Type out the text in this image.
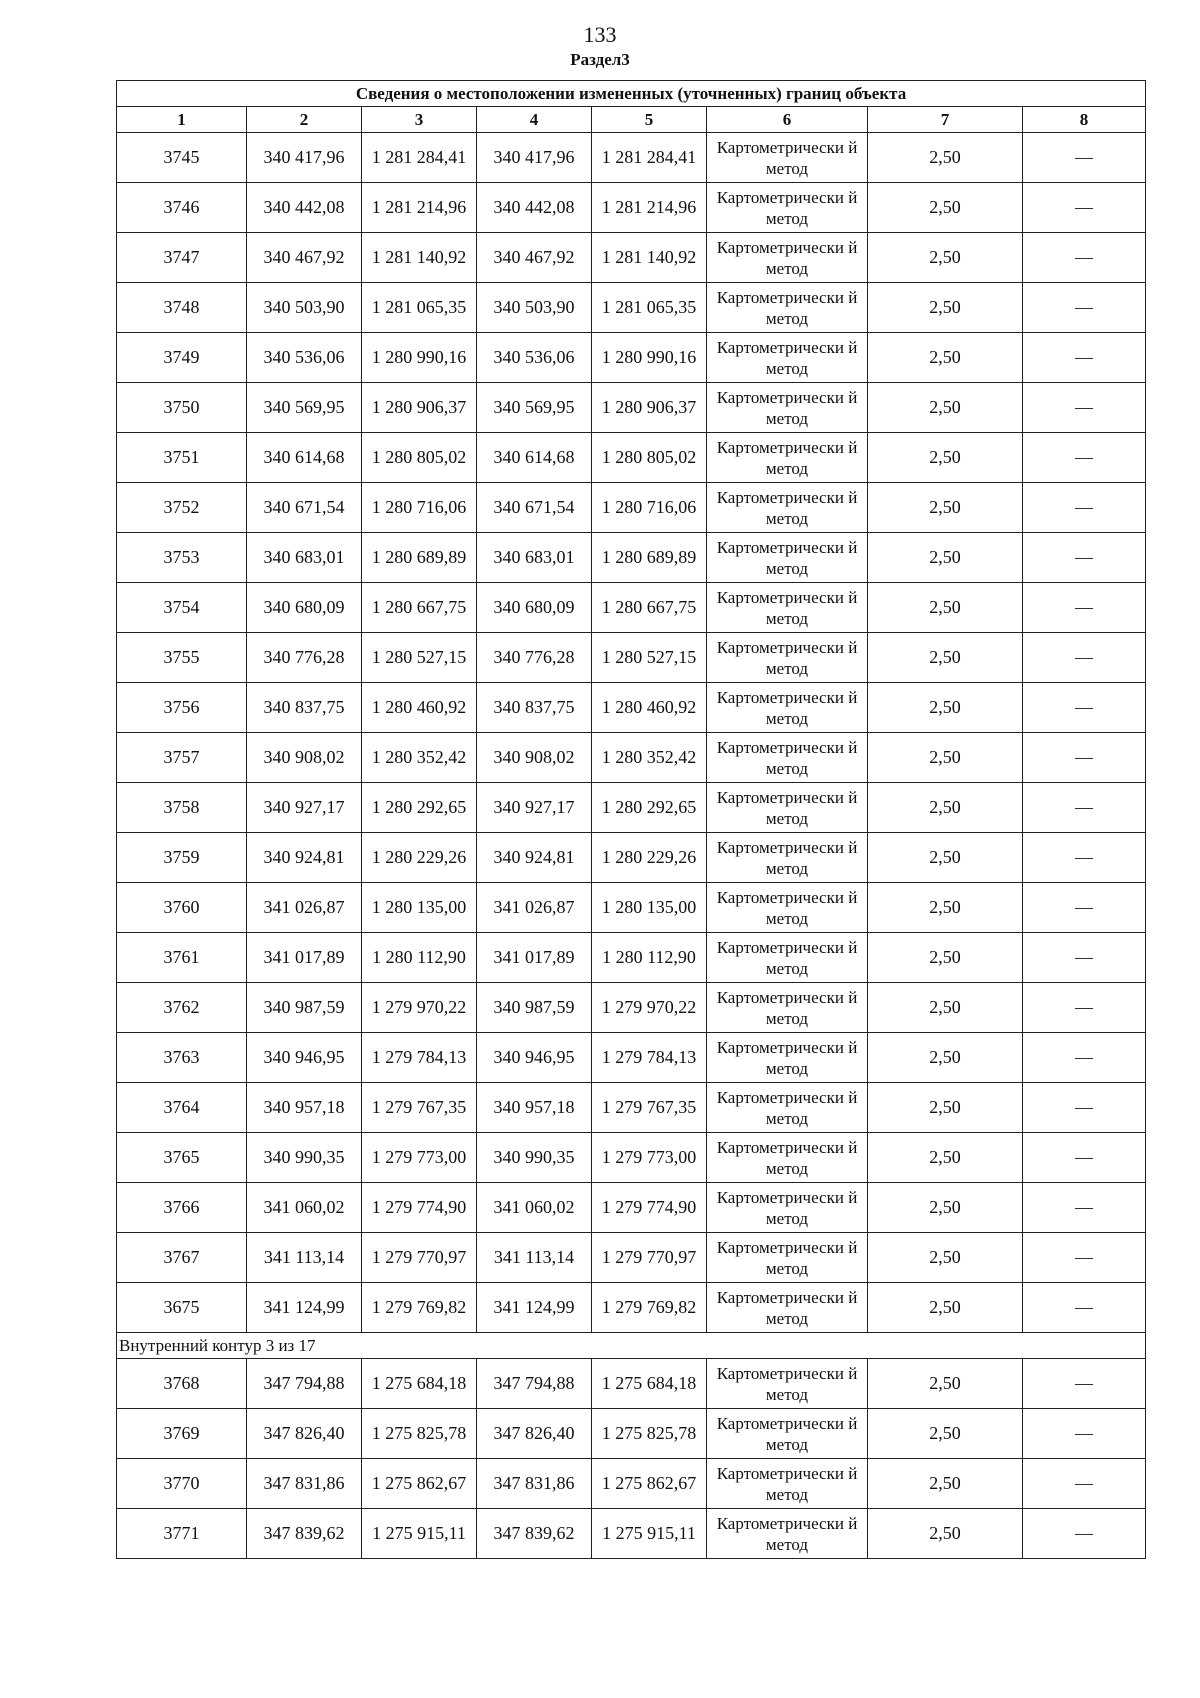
133
Раздел3
Сведения о местоположении измененных (уточненных) границ объекта							
1	2	3	4	5	6	7	8
3745	340 417,96	1 281 284,41	340 417,96	1 281 284,41	Картометрически й метод	2,50	—
3746	340 442,08	1 281 214,96	340 442,08	1 281 214,96	Картометрически й метод	2,50	—
3747	340 467,92	1 281 140,92	340 467,92	1 281 140,92	Картометрически й метод	2,50	—
3748	340 503,90	1 281 065,35	340 503,90	1 281 065,35	Картометрически й метод	2,50	—
3749	340 536,06	1 280 990,16	340 536,06	1 280 990,16	Картометрически й метод	2,50	—
3750	340 569,95	1 280 906,37	340 569,95	1 280 906,37	Картометрически й метод	2,50	—
3751	340 614,68	1 280 805,02	340 614,68	1 280 805,02	Картометрически й метод	2,50	—
3752	340 671,54	1 280 716,06	340 671,54	1 280 716,06	Картометрически й метод	2,50	—
3753	340 683,01	1 280 689,89	340 683,01	1 280 689,89	Картометрически й метод	2,50	—
3754	340 680,09	1 280 667,75	340 680,09	1 280 667,75	Картометрически й метод	2,50	—
3755	340 776,28	1 280 527,15	340 776,28	1 280 527,15	Картометрически й метод	2,50	—
3756	340 837,75	1 280 460,92	340 837,75	1 280 460,92	Картометрически й метод	2,50	—
3757	340 908,02	1 280 352,42	340 908,02	1 280 352,42	Картометрически й метод	2,50	—
3758	340 927,17	1 280 292,65	340 927,17	1 280 292,65	Картометрически й метод	2,50	—
3759	340 924,81	1 280 229,26	340 924,81	1 280 229,26	Картометрически й метод	2,50	—
3760	341 026,87	1 280 135,00	341 026,87	1 280 135,00	Картометрически й метод	2,50	—
3761	341 017,89	1 280 112,90	341 017,89	1 280 112,90	Картометрически й метод	2,50	—
3762	340 987,59	1 279 970,22	340 987,59	1 279 970,22	Картометрически й метод	2,50	—
3763	340 946,95	1 279 784,13	340 946,95	1 279 784,13	Картометрически й метод	2,50	—
3764	340 957,18	1 279 767,35	340 957,18	1 279 767,35	Картометрически й метод	2,50	—
3765	340 990,35	1 279 773,00	340 990,35	1 279 773,00	Картометрически й метод	2,50	—
3766	341 060,02	1 279 774,90	341 060,02	1 279 774,90	Картометрически й метод	2,50	—
3767	341 113,14	1 279 770,97	341 113,14	1 279 770,97	Картометрически й метод	2,50	—
3675	341 124,99	1 279 769,82	341 124,99	1 279 769,82	Картометрически й метод	2,50	—
Внутренний контур 3 из 17							
3768	347 794,88	1 275 684,18	347 794,88	1 275 684,18	Картометрически й метод	2,50	—
3769	347 826,40	1 275 825,78	347 826,40	1 275 825,78	Картометрически й метод	2,50	—
3770	347 831,86	1 275 862,67	347 831,86	1 275 862,67	Картометрически й метод	2,50	—
3771	347 839,62	1 275 915,11	347 839,62	1 275 915,11	Картометрически й метод	2,50	—
